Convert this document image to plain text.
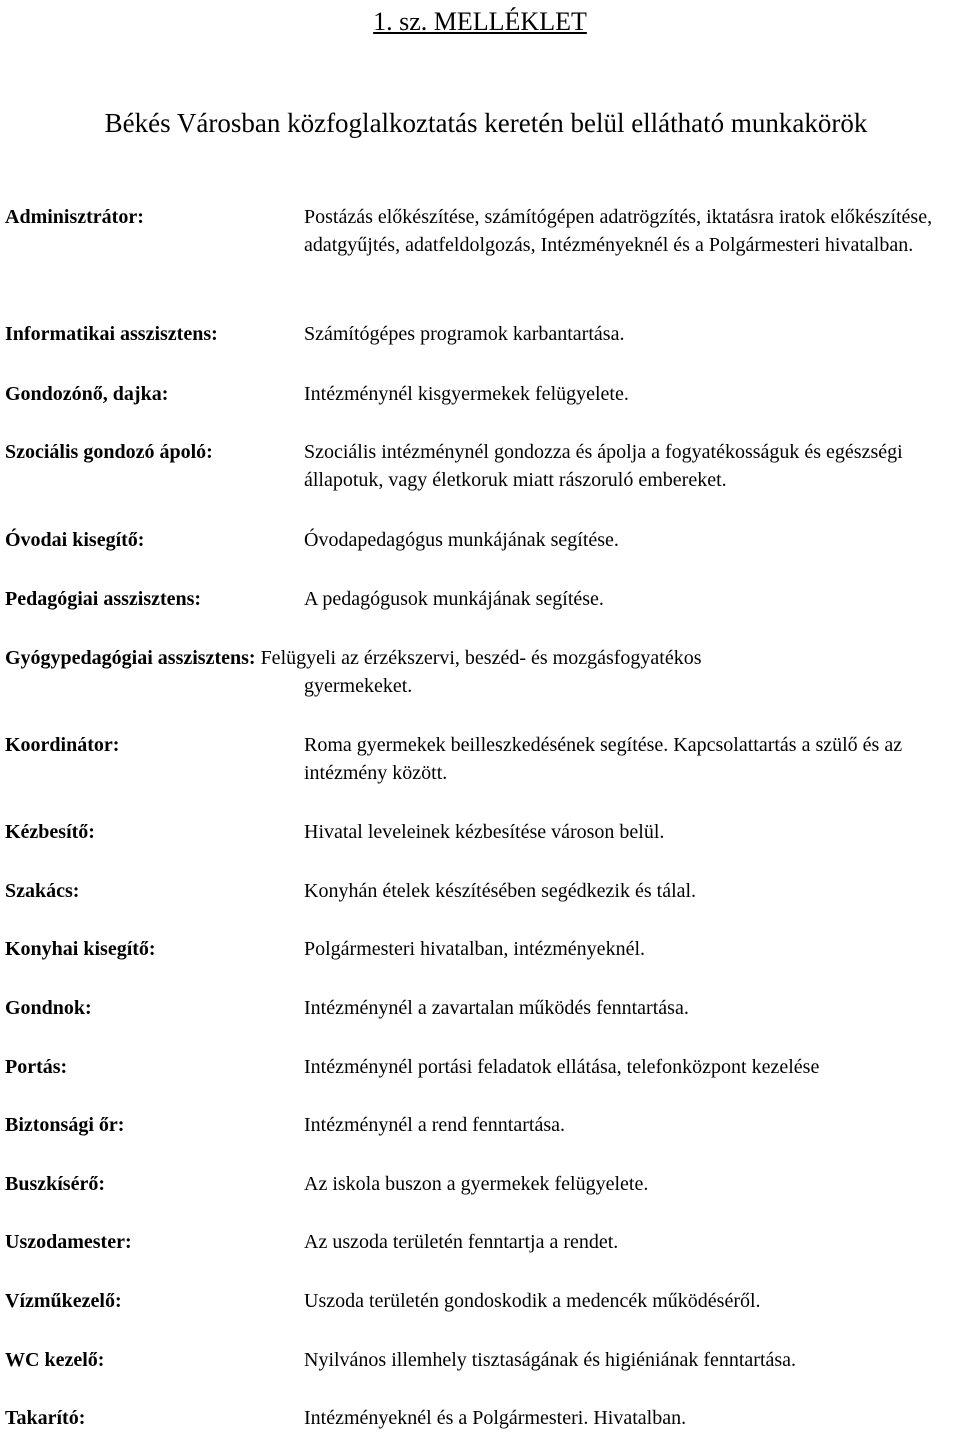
1. sz. MELLÉKLET
Békés Városban közfoglalkoztatás keretén belül ellátható munkakörök
Adminisztrátor:	Postázás előkészítése, számítógépen adatrögzítés, iktatásra iratok előkészítése, adatgyűjtés, adatfeldolgozás, Intézményeknél és a Polgármesteri hivatalban.
Informatikai asszisztens:	Számítógépes programok karbantartása.
Gondozónő, dajka:	Intézménynél kisgyermekek felügyelete.
Szociális gondozó ápoló:	Szociális intézménynél gondozza és ápolja a fogyatékosságuk és egészségi állapotuk, vagy életkoruk miatt rászoruló embereket.
Óvodai kisegítő:	Óvodapedagógus munkájának segítése.
Pedagógiai asszisztens:	A pedagógusok munkájának segítése.
Gyógypedagógiai asszisztens: Felügyeli az érzékszervi, beszéd- és mozgásfogyatékos
gyermekeket.
Koordinátor:	Roma gyermekek beilleszkedésének segítése. Kapcsolattartás a szülő és az intézmény között.
Kézbesítő:	Hivatal leveleinek kézbesítése városon belül.
Szakács:	Konyhán ételek készítésében segédkezik és tálal.
Konyhai kisegítő:	Polgármesteri hivatalban, intézményeknél.
Gondnok:	Intézménynél a zavartalan működés fenntartása.
Portás:	Intézménynél portási feladatok ellátása, telefonközpont kezelése
Biztonsági őr:	Intézménynél a rend fenntartása.
Buszkísérő:	Az iskola buszon a gyermekek felügyelete.
Uszodamester:	Az uszoda területén fenntartja a rendet.
Vízműkezelő:	Uszoda területén gondoskodik a medencék működéséről.
WC kezelő:	Nyilvános illemhely tisztaságának és higiéniának fenntartása.
Takarító:	Intézményeknél és a Polgármesteri. Hivatalban.
